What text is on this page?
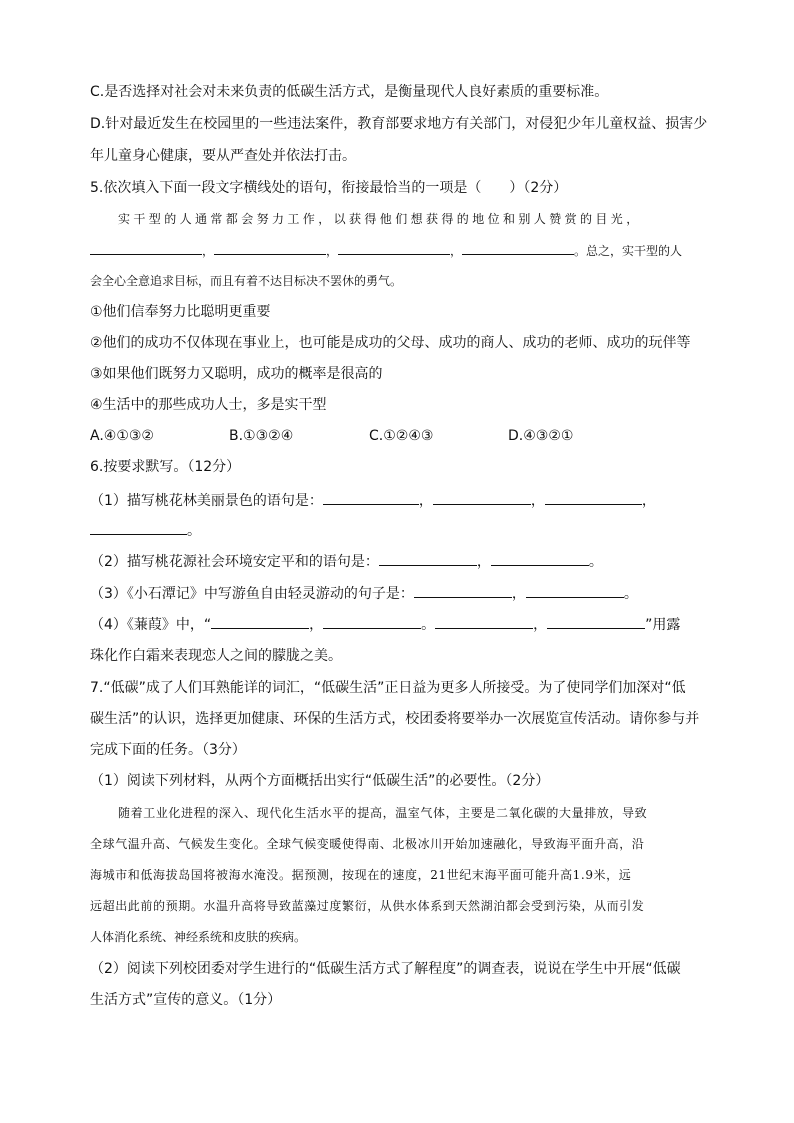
C.是否选择对社会对未来负责的低碳生活方式，是衡量现代人良好素质的重要标准。
D.针对最近发生在校园里的一些违法案件，教育部要求地方有关部门，对侵犯少年儿童权益、损害少
年儿童身心健康，要从严查处并依法打击。
5.依次填入下面一段文字横线处的语句，衔接最恰当的一项是（　　）（2分）
实干型的人通常都会努力工作，以获得他们想获得的地位和别人赞赏的目光，
，	，	，	。总之，实干型的人
会全心全意追求目标，而且有着不达目标决不罢休的勇气。
①他们信奉努力比聪明更重要
②他们的成功不仅体现在事业上，也可能是成功的父母、成功的商人、成功的老师、成功的玩伴等
③如果他们既努力又聪明，成功的概率是很高的
④生活中的那些成功人士，多是实干型
A.④①③②	B.①③②④	C.①②④③	D.④③②①
6.按要求默写。（12分）
（1）描写桃花林美丽景色的语句是：	，	，	，
。
（2）描写桃花源社会环境安定平和的语句是：	，	。
（3）《小石潭记》中写游鱼自由轻灵游动的句子是：	，	。
（4）《蒹葭》中，“	，	。	，	”用露
珠化作白霜来表现恋人之间的朦胧之美。
7.“低碳”成了人们耳熟能详的词汇，“低碳生活”正日益为更多人所接受。为了使同学们加深对“低
碳生活”的认识，选择更加健康、环保的生活方式，校团委将要举办一次展览宣传活动。请你参与并
完成下面的任务。（3分）
（1）阅读下列材料，从两个方面概括出实行“低碳生活”的必要性。（2分）
随着工业化进程的深入、现代化生活水平的提高，温室气体，主要是二氧化碳的大量排放，导致
全球气温升高、气候发生变化。全球气候变暖使得南、北极冰川开始加速融化，导致海平面升高，沿
海城市和低海拔岛国将被海水淹没。据预测，按现在的速度，21世纪末海平面可能升高1.9米，远
远超出此前的预期。水温升高将导致蓝藻过度繁衍，从供水体系到天然湖泊都会受到污染，从而引发
人体消化系统、神经系统和皮肤的疾病。
（2）阅读下列校团委对学生进行的“低碳生活方式了解程度”的调查表，说说在学生中开展“低碳
生活方式”宣传的意义。（1分）
